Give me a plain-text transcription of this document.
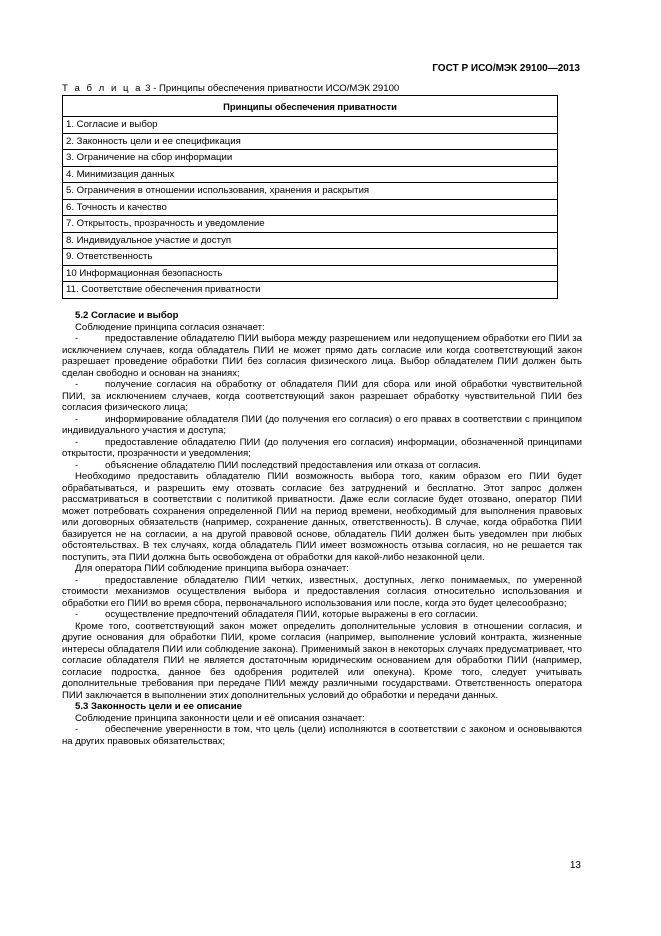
ГОСТ Р ИСО/МЭК 29100—2013
Т а б л и ц а 3 - Принципы обеспечения приватности ИСО/МЭК 29100
Принципы обеспечения приватности
1. Согласие и выбор
2. Законность цели и ее спецификация
3. Ограничение на сбор информации
4. Минимизация данных
5. Ограничения в отношении использования, хранения и раскрытия
6. Точность и качество
7. Открытость, прозрачность и уведомление
8. Индивидуальное участие и доступ
9. Ответственность
10 Информационная безопасность
11. Соответствие обеспечения приватности

5.2 Согласие и выбор

Соблюдение принципа согласия означает:

-	предоставление обладателю ПИИ выбора между разрешением или недопущением обработки его ПИИ за исключением случаев, когда обладатель ПИИ не может прямо дать согласие или когда соответствующий закон разрешает проведение обработки ПИИ без согласия физического лица. Выбор обладателем ПИИ должен быть сделан свободно и основан на знаниях;

-	получение согласия на обработку от обладателя ПИИ для сбора или иной обработки чувствительной ПИИ, за исключением случаев, когда соответствующий закон разрешает обработку чувствительной ПИИ без согласия физического лица;

-	информирование обладателя ПИИ (до получения его согласия) о его правах в соответствии с принципом индивидуального участия и доступа;

-	предоставление обладателю ПИИ (до получения его согласия) информации, обозначенной принципами открытости, прозрачности и уведомления;

-	объяснение обладателю ПИИ последствий предоставления или отказа от согласия.

Необходимо предоставить обладателю ПИИ возможность выбора того, каким образом его ПИИ будет обрабатываться, и разрешить ему отозвать согласие без затруднений и бесплатно. Этот запрос должен рассматриваться в соответствии с политикой приватности. Даже если согласие будет отозвано, оператор ПИИ может потребовать сохранения определенной ПИИ на период времени, необходимый для выполнения правовых или договорных обязательств (например, сохранение данных, ответственность). В случае, когда обработка ПИИ базируется не на согласии, а на другой правовой основе, обладатель ПИИ должен быть уведомлен при любых обстоятельствах. В тех случаях, когда обладатель ПИИ имеет возможность отзыва согласия, но не решается так поступить, эта ПИИ должна быть освобождена от обработки для какой-либо незаконной цели.

Для оператора ПИИ соблюдение принципа выбора означает:

-	предоставление обладателю ПИИ четких, известных, доступных, легко понимаемых, по умеренной стоимости механизмов осуществления выбора и предоставления согласия относительно использования и обработки его ПИИ во время сбора, первоначального использования или после, когда это будет целесообразно;

-	осуществление предпочтений обладателя ПИИ, которые выражены в его согласии.

Кроме того, соответствующий закон может определить дополнительные условия в отношении согласия, и другие основания для обработки ПИИ, кроме согласия (например, выполнение условий контракта, жизненные интересы обладателя ПИИ или соблюдение закона). Применимый закон в некоторых случаях предусматривает, что согласие обладателя ПИИ не является достаточным юридическим основанием для обработки ПИИ (например, согласие подростка, данное без одобрения родителей или опекуна). Кроме того, следует учитывать дополнительные требования при передаче ПИИ между различными государствами. Ответственность оператора ПИИ заключается в выполнении этих дополнительных условий до обработки и передачи данных.

5.3 Законность цели и ее описание

Соблюдение принципа законности цели и её описания означает:

-	обеспечение уверенности в том, что цель (цели) исполняются в соответствии с законом и основываются на других правовых обязательствах;

13
